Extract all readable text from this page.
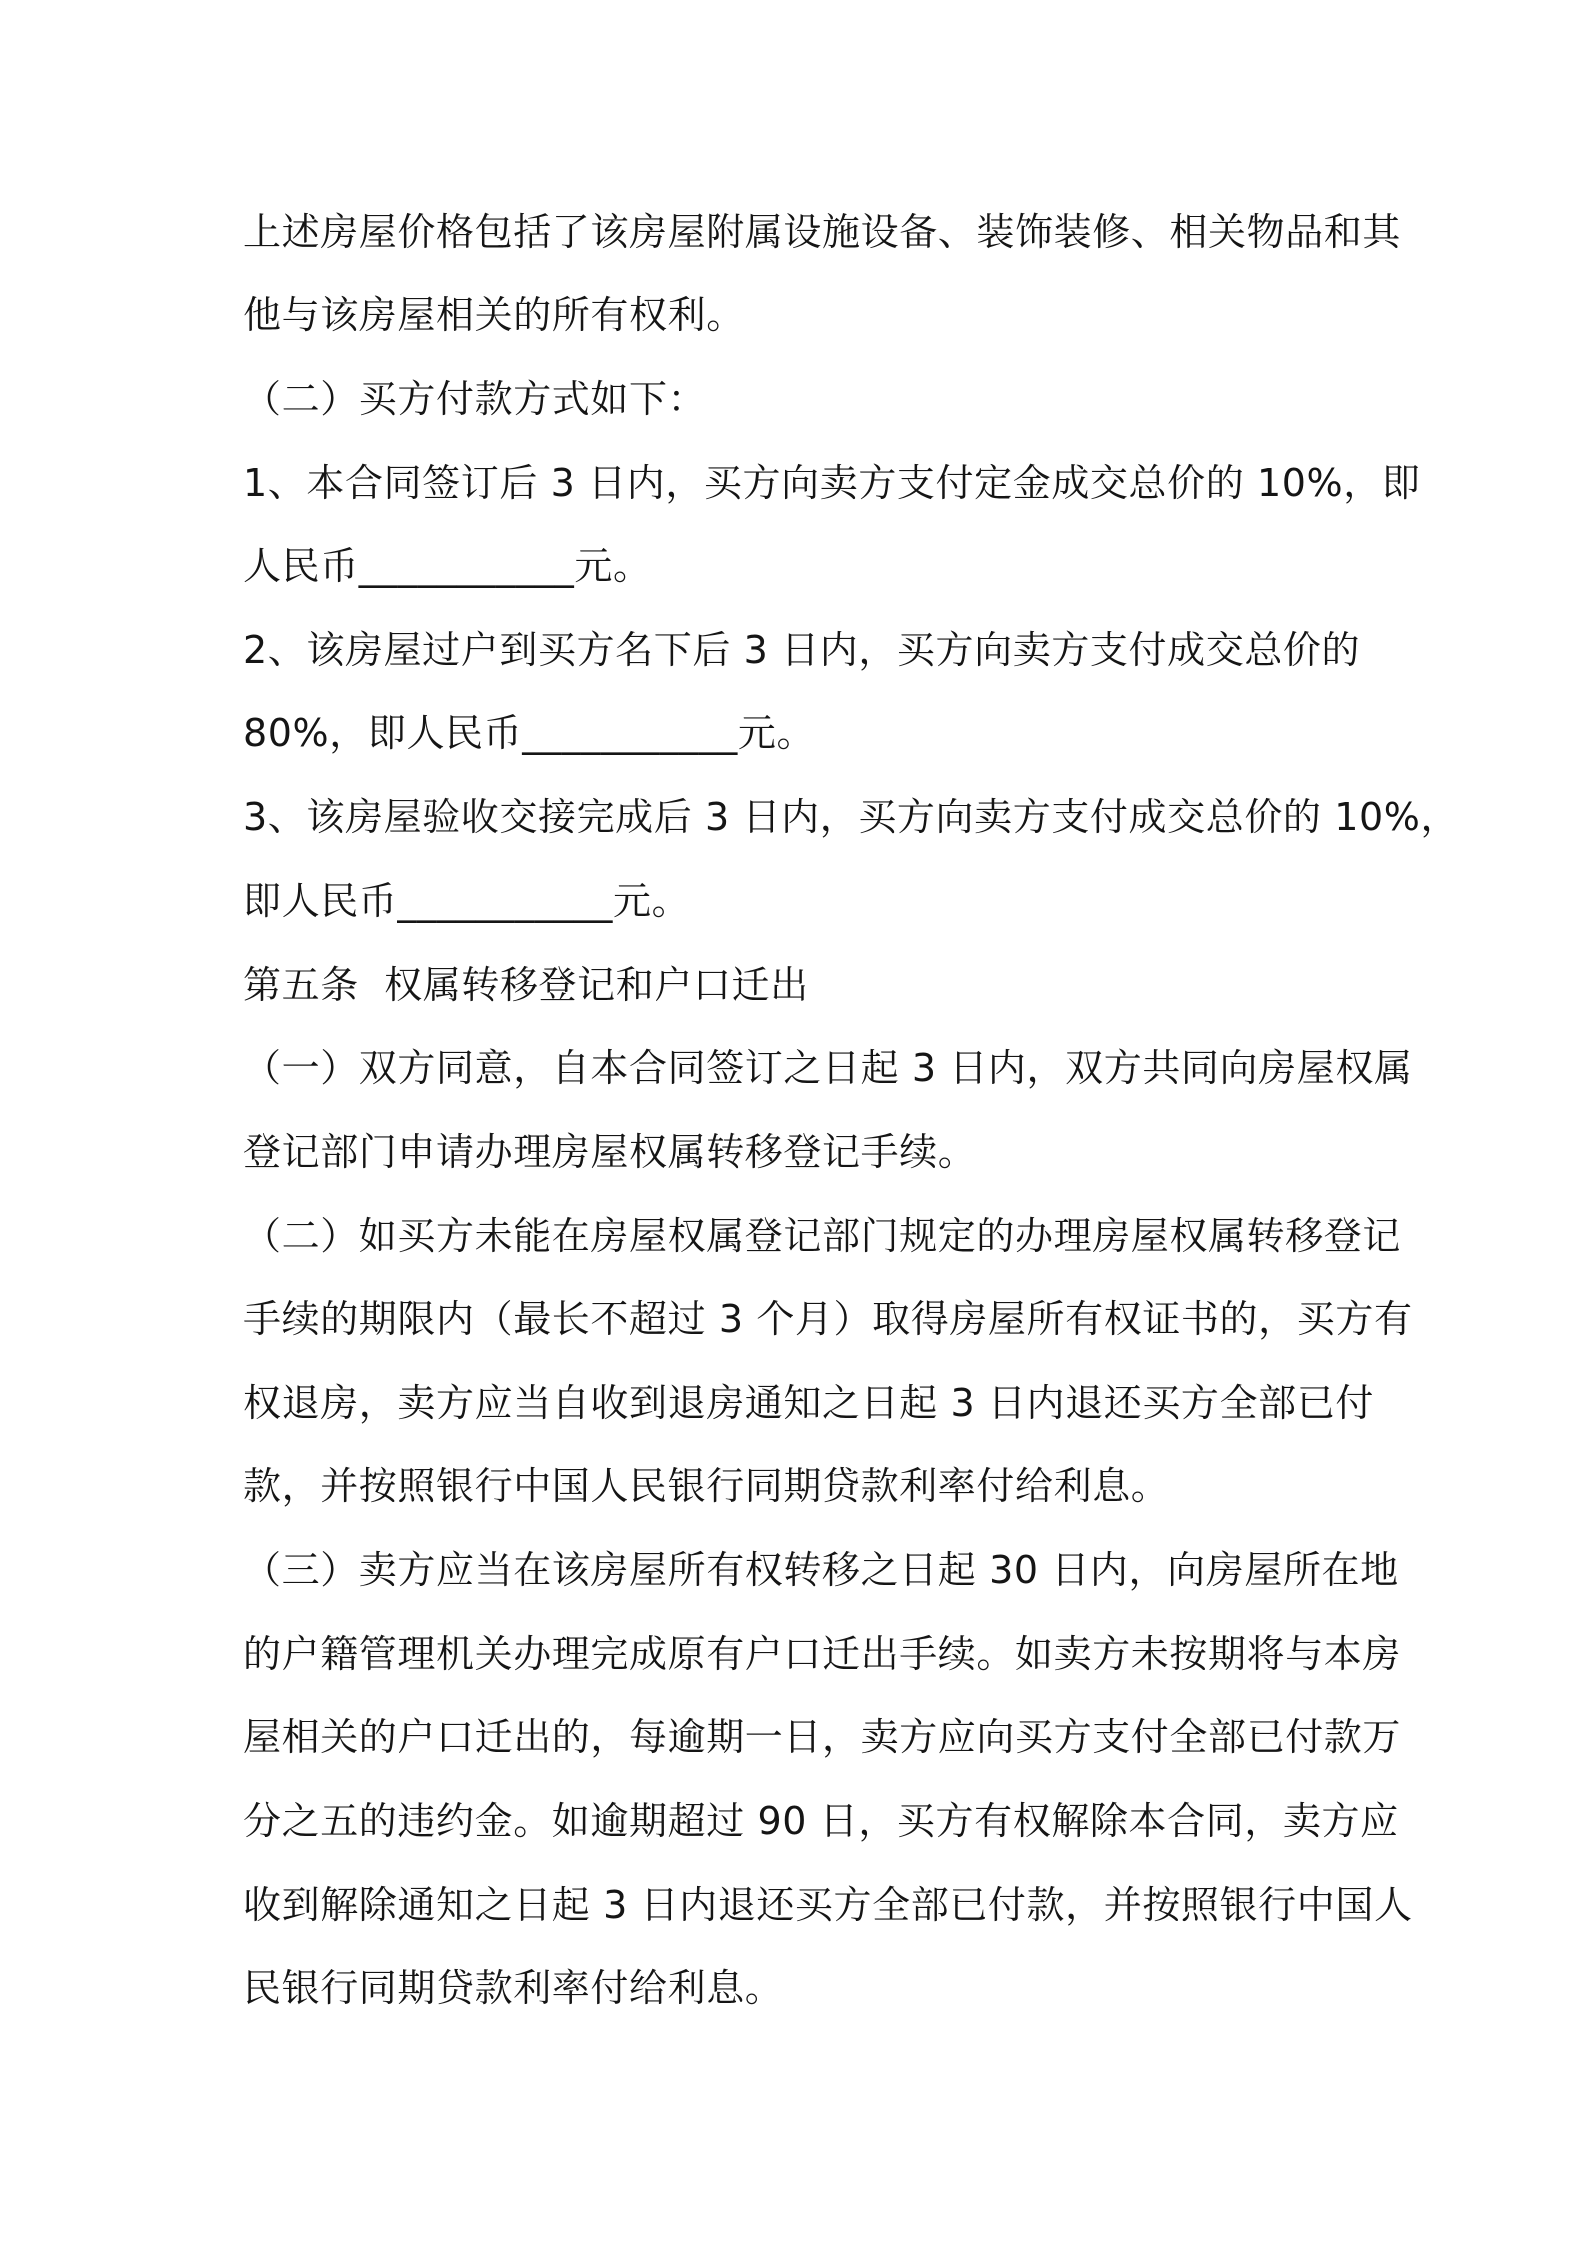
上述房屋价格包括了该房屋附属设施设备、装饰装修、相关物品和其
他与该房屋相关的所有权利。
（二）买方付款方式如下：
1、本合同签订后 3 日内，买方向卖方支付定金成交总价的 10%，即
人民币___________元。
2、该房屋过户到买方名下后 3 日内，买方向卖方支付成交总价的
80%，即人民币___________元。
3、该房屋验收交接完成后 3 日内，买方向卖方支付成交总价的 10%，
即人民币___________元。
第五条  权属转移登记和户口迁出
（一）双方同意，自本合同签订之日起 3 日内，双方共同向房屋权属
登记部门申请办理房屋权属转移登记手续。
（二）如买方未能在房屋权属登记部门规定的办理房屋权属转移登记
手续的期限内（最长不超过 3 个月）取得房屋所有权证书的，买方有
权退房，卖方应当自收到退房通知之日起 3 日内退还买方全部已付
款，并按照银行中国人民银行同期贷款利率付给利息。
（三）卖方应当在该房屋所有权转移之日起 30 日内，向房屋所在地
的户籍管理机关办理完成原有户口迁出手续。如卖方未按期将与本房
屋相关的户口迁出的，每逾期一日，卖方应向买方支付全部已付款万
分之五的违约金。如逾期超过 90 日，买方有权解除本合同，卖方应
收到解除通知之日起 3 日内退还买方全部已付款，并按照银行中国人
民银行同期贷款利率付给利息。
